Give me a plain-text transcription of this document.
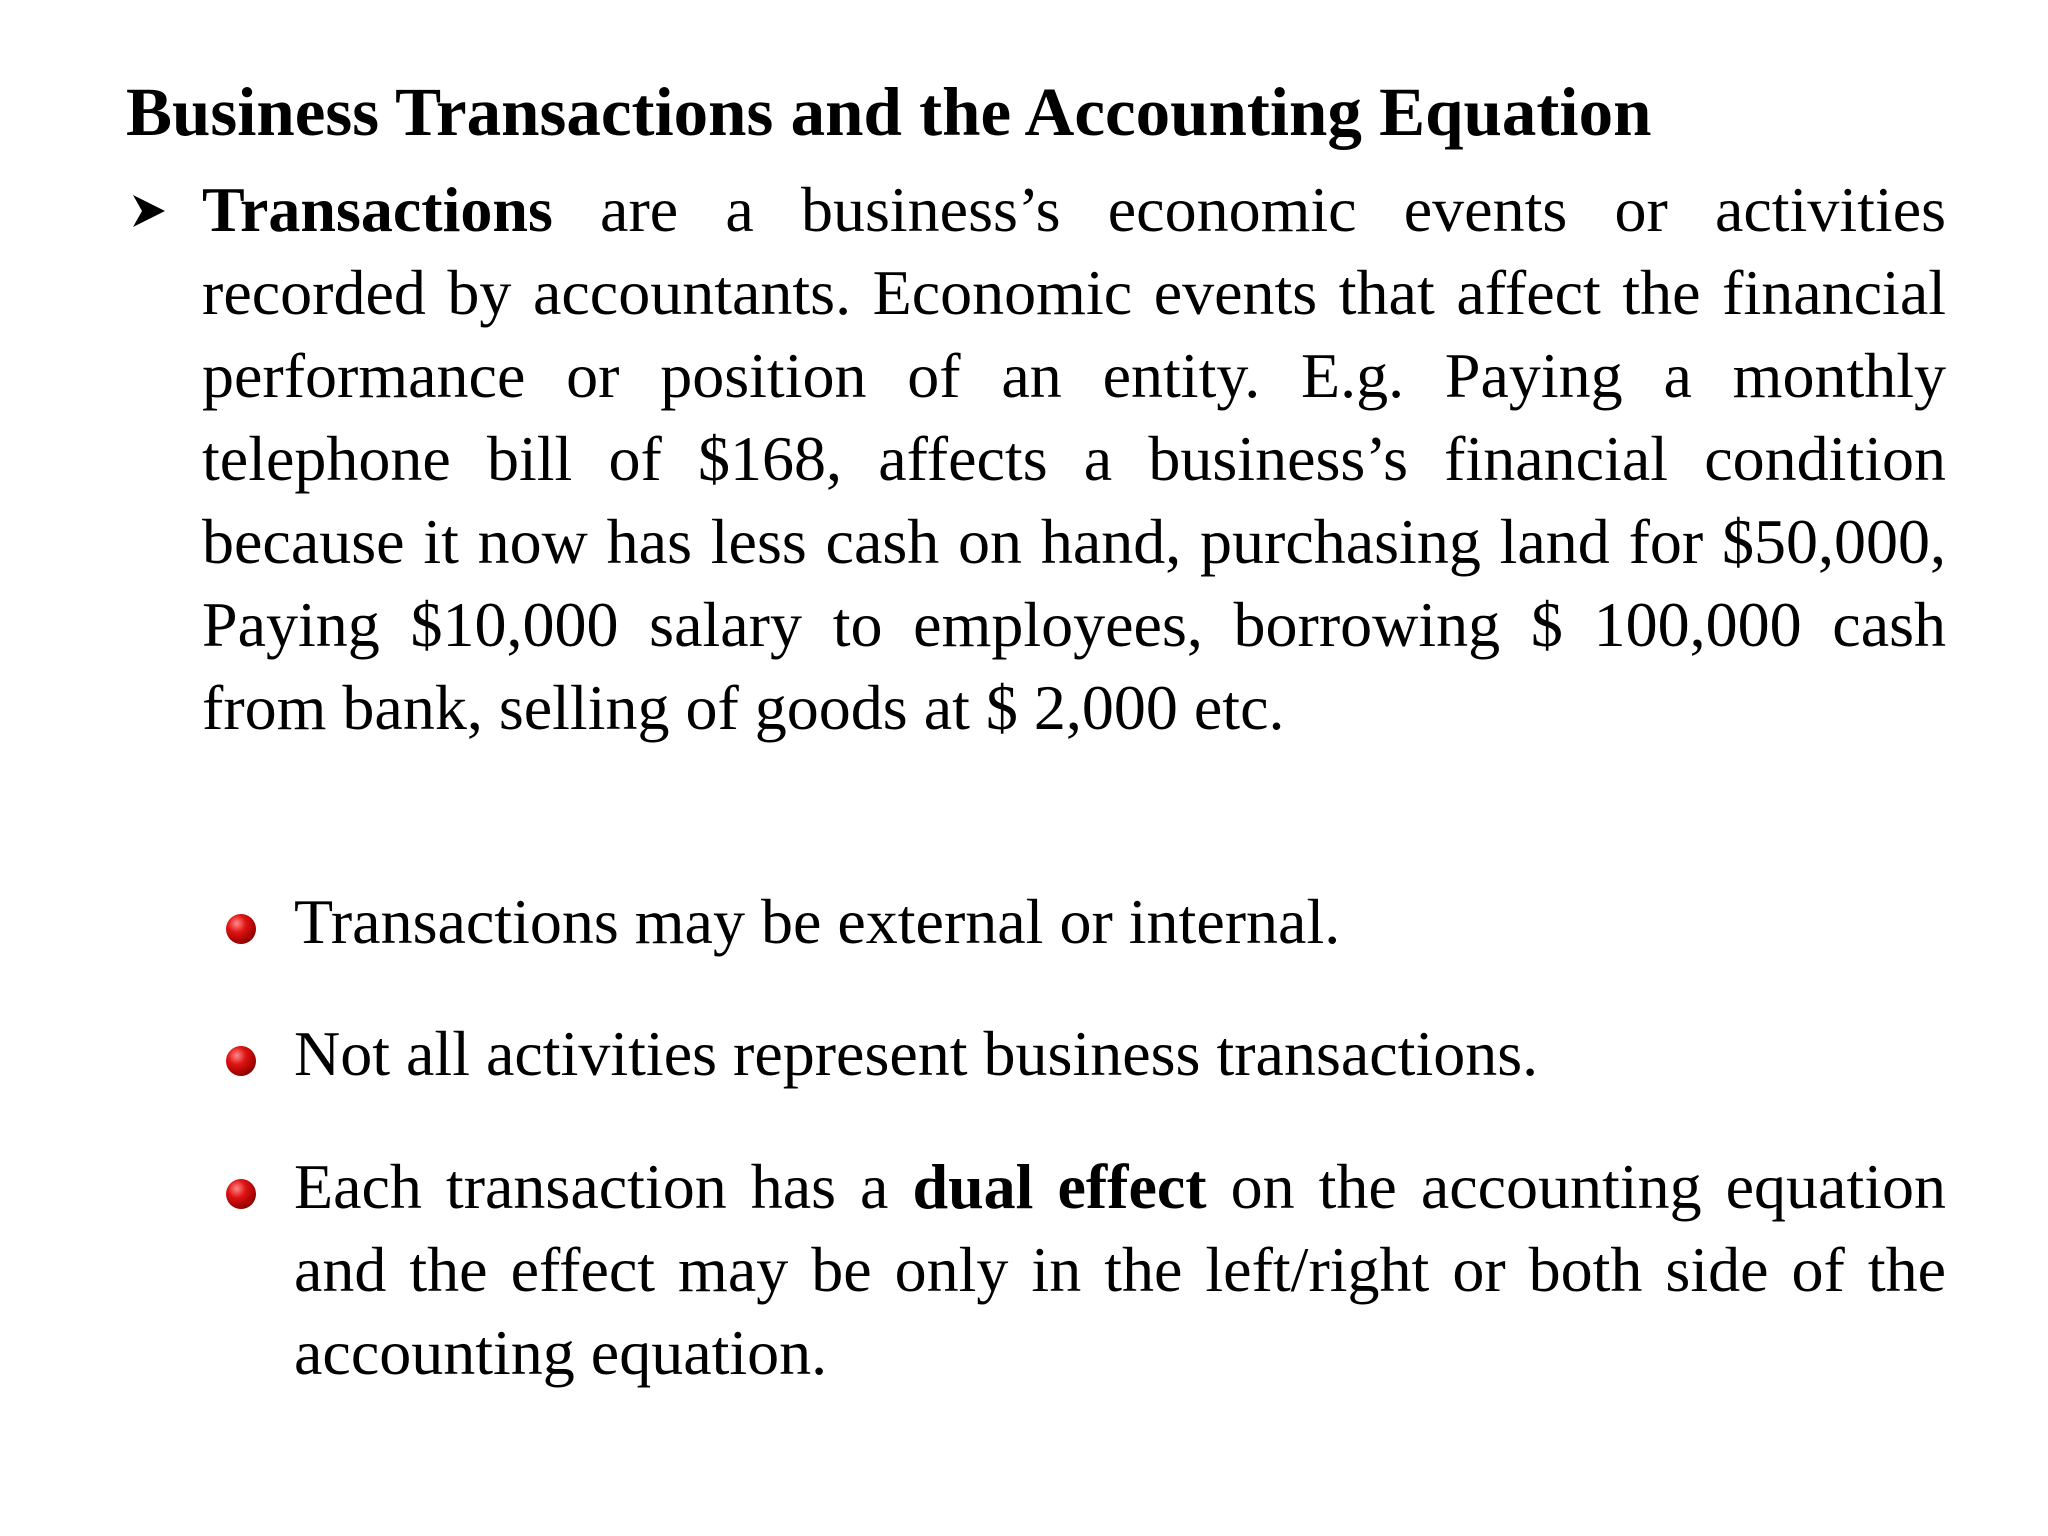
Business Transactions and the Accounting Equation

Transactions are a business’s economic events or activities recorded by accountants. Economic events that affect the financial performance or position of an entity. E.g. Paying a monthly telephone bill of $168, affects a business’s financial condition because it now has less cash on hand, purchasing land for $50,000, Paying $10,000 salary to employees, borrowing $ 100,000 cash from bank, selling of goods at $ 2,000 etc.

Transactions may be external or internal.

Not all activities represent business transactions.

Each transaction has a dual effect on the accounting equation and the effect may be only in the left/right or both side of the accounting equation.
